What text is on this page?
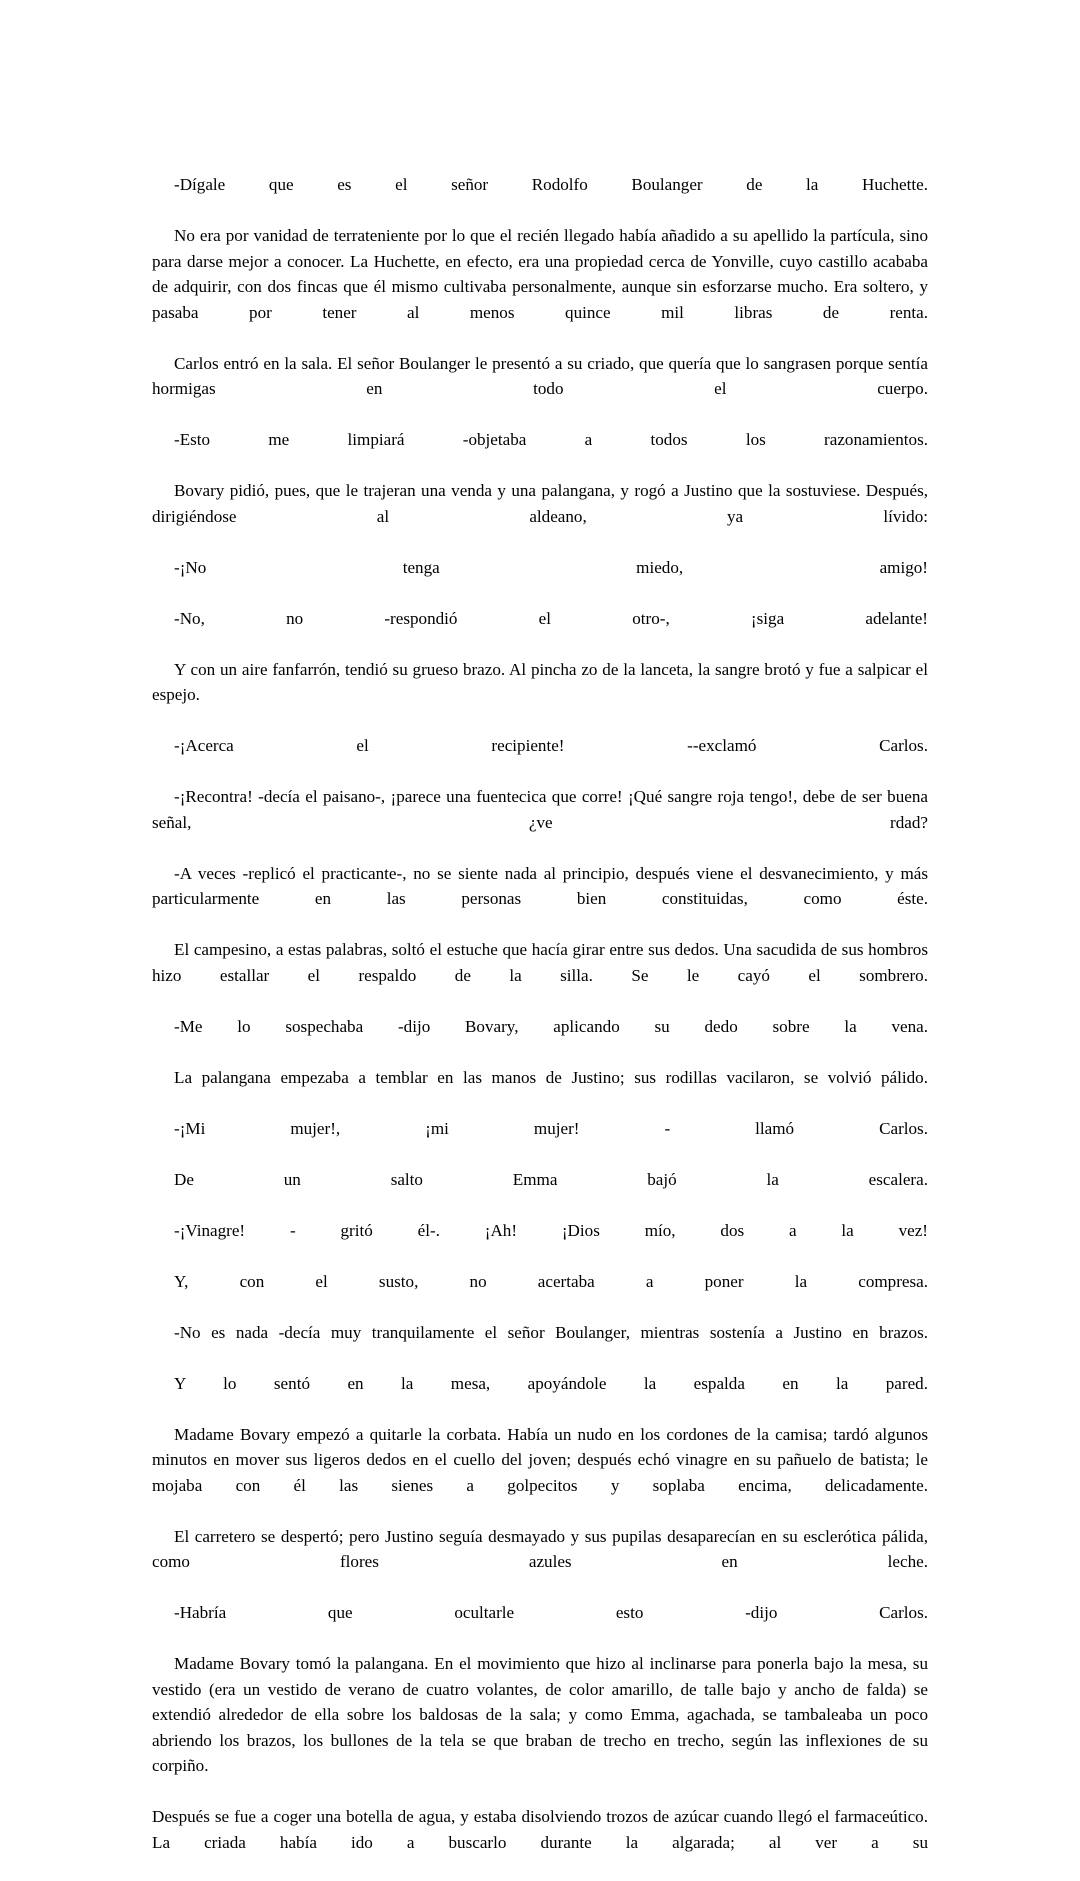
-Dígale que es el señor Rodolfo Boulanger de la Huchette.

No era por vanidad de terrateniente por lo que el recién llegado había añadido a su apellido la partícula, sino para darse mejor a conocer. La Huchette, en efecto, era una propiedad cerca de Yonville, cuyo castillo acababa de adquirir, con dos fincas que él mismo cultivaba personalmente, aunque sin esforzarse mucho. Era soltero, y pasaba por tener al menos quince mil libras de renta.

Carlos entró en la sala. El señor Boulanger le presentó a su criado, que quería que lo sangrasen porque sentía hormigas en todo el cuerpo.

-Esto me limpiará -objetaba a todos los razonamientos.

Bovary pidió, pues, que le trajeran una venda y una palangana, y rogó a Justino que la sostuviese. Después, dirigiéndose al aldeano, ya lívido:

-¡No tenga miedo, amigo!

-No, no -respondió el otro-, ¡siga adelante!

Y con un aire fanfarrón, tendió su grueso brazo. Al pincha zo de la lanceta, la sangre brotó y fue a salpicar el espejo.

-¡Acerca el recipiente! --exclamó Carlos.

-¡Recontra! -decía el paisano-, ¡parece una fuentecica que corre! ¡Qué sangre roja tengo!, debe de ser buena señal, ¿ve rdad?

-A veces -replicó el practicante-, no se siente nada al principio, después viene el desvanecimiento, y más particularmente en las personas bien constituidas, como éste.

El campesino, a estas palabras, soltó el estuche que hacía girar entre sus dedos. Una sacudida de sus hombros hizo estallar el respaldo de la silla. Se le cayó el sombrero.

-Me lo sospechaba -dijo Bovary, aplicando su dedo sobre la vena.

La palangana empezaba a temblar en las manos de Justino; sus rodillas vacilaron, se volvió pálido.

-¡Mi mujer!, ¡mi mujer! - llamó Carlos.

De un salto Emma bajó la escalera.

-¡Vinagre! - gritó él-. ¡Ah! ¡Dios mío, dos a la vez!

Y, con el susto, no acertaba a poner la compresa.

-No es nada -decía muy tranquilamente el señor Boulanger, mientras sostenía a Justino en brazos.

Y lo sentó en la mesa, apoyándole la espalda en la pared.

Madame Bovary empezó a quitarle la corbata. Había un nudo en los cordones de la camisa; tardó algunos minutos en mover sus ligeros dedos en el cuello del joven; después echó vinagre en su pañuelo de batista; le mojaba con él las sienes a golpecitos y soplaba encima, delicadamente.

El carretero se despertó; pero Justino seguía desmayado y sus pupilas desaparecían en su esclerótica pálida, como flores azules en leche.

-Habría que ocultarle esto -dijo Carlos.

Madame Bovary tomó la palangana. En el movimiento que hizo al inclinarse para ponerla bajo la mesa, su vestido (era un vestido de verano de cuatro volantes, de color amarillo, de talle bajo y ancho de falda) se extendió alrededor de ella sobre los baldosas de la sala; y como Emma, agachada, se tambaleaba un poco abriendo los brazos, los bullones de la tela se que braban de trecho en trecho, según las inflexiones de su corpiño.

Después se fue a coger una botella de agua, y estaba disolviendo trozos de azúcar cuando llegó el farmaceútico. La criada había ido a buscarlo durante la algarada; al ver a su
